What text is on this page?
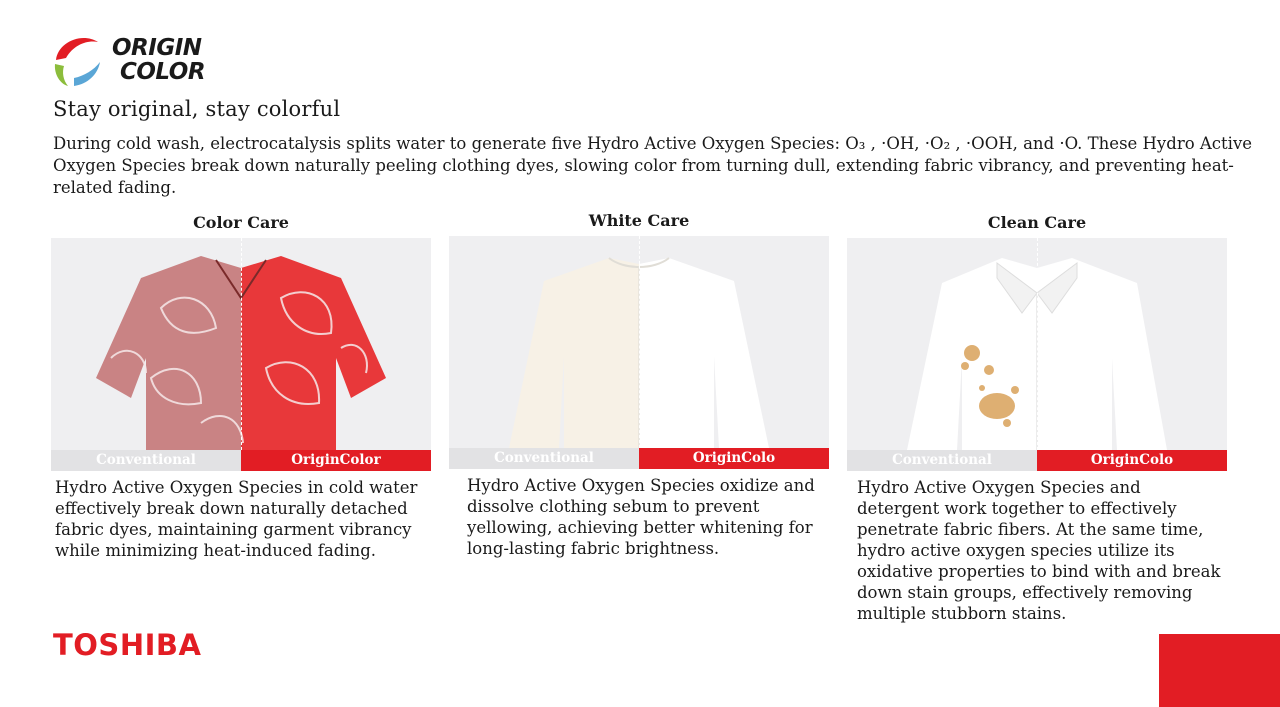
ORIGIN
COLOR
Stay original, stay colorful

During cold wash, electrocatalysis splits water to generate five Hydro Active Oxygen Species: O₃ , ·OH, ·O₂ , ·OOH, and ·O. These Hydro Active Oxygen Species break down naturally peeling clothing dyes, slowing color from turning dull, extending fabric vibrancy, and preventing heat-related fading.

Color Care
Conventional	OriginColor

Hydro Active Oxygen Species in cold water effectively break down naturally detached fabric dyes, maintaining garment vibrancy while minimizing heat-induced fading.

White Care
Conventional	OriginColo

Hydro Active Oxygen Species oxidize and dissolve clothing sebum to prevent yellowing, achieving better whitening for long-lasting fabric brightness.

Clean Care
Conventional	OriginColo

Hydro Active Oxygen Species and detergent work together to effectively penetrate fabric fibers. At the same time, hydro active oxygen species utilize its oxidative properties to bind with and break down stain groups, effectively removing multiple stubborn stains.

TOSHIBA
